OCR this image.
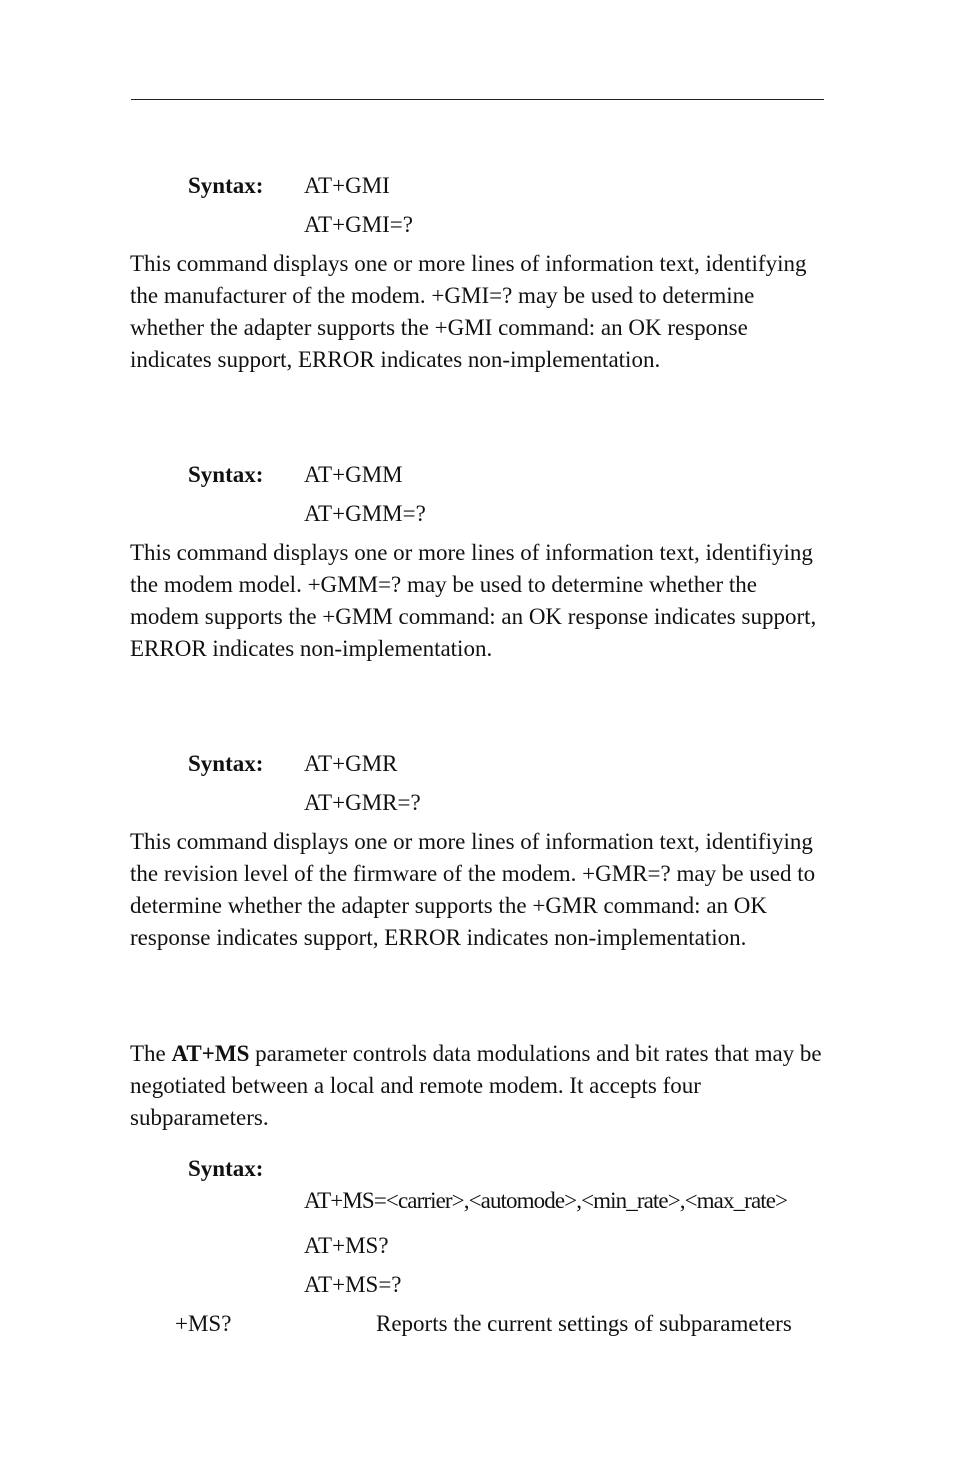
Syntax: AT+GMI
AT+GMI=?
This command displays one or more lines of information text, identifying the manufacturer of the modem. +GMI=? may be used to determine whether the adapter supports the +GMI command: an OK response indicates support, ERROR indicates non-implementation.
Syntax: AT+GMM
AT+GMM=?
This command displays one or more lines of information text, identifiying the modem model. +GMM=? may be used to determine whether the modem supports the +GMM command: an OK response indicates support, ERROR indicates non-implementation.
Syntax: AT+GMR
AT+GMR=?
This command displays one or more lines of information text, identifiying the revision level of the firmware of the modem. +GMR=? may be used to determine whether the adapter supports the +GMR command: an OK response indicates support, ERROR indicates non-implementation.
The AT+MS parameter controls data modulations and bit rates that may be negotiated between a local and remote modem. It accepts four subparameters.
Syntax:
AT+MS=<carrier>,<automode>,<min_rate>,<max_rate>
AT+MS?
AT+MS=?
+MS?	Reports the current settings of subparameters
